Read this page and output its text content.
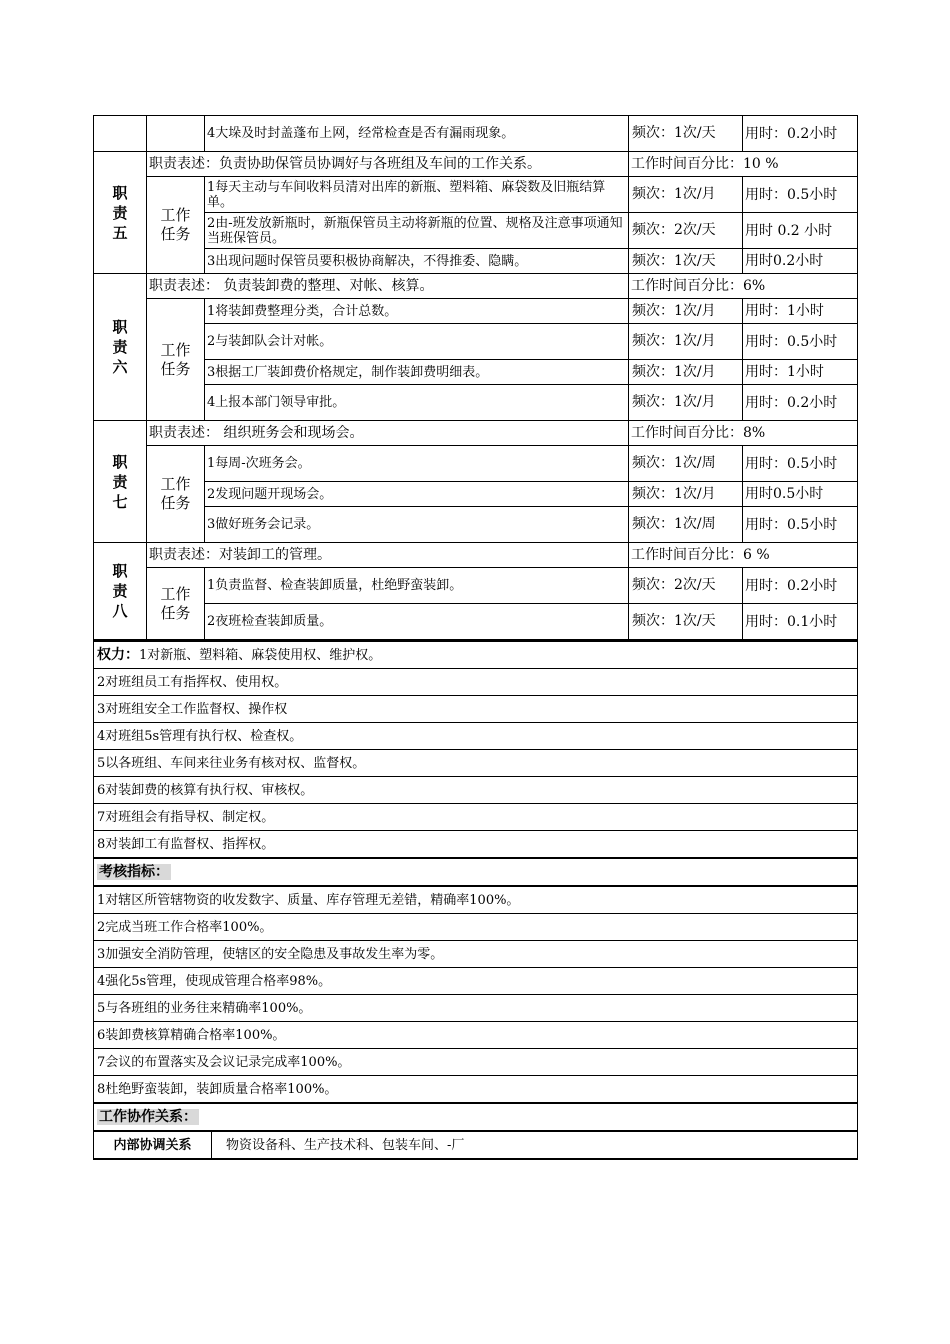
		4大垛及时封盖蓬布上网，经常检查是否有漏雨现象。	频次：1次/天	用时：0.2小时
职
责
五	职责表述：负责协助保管员协调好与各班组及车间的工作关系。		工作时间百分比：10 %	
	工作
任务	1每天主动与车间收料员清对出库的新瓶、塑料箱、麻袋数及旧瓶结算单。	频次：1次/月	用时：0.5小时
		2由-班发放新瓶时，新瓶保管员主动将新瓶的位置、规格及注意事项通知当班保管员。	频次：2次/天	用时 0.2 小时
		3出现问题时保管员要积极协商解决，不得推委、隐瞒。	频次：1次/天	用时0.2小时
职
责
六	职责表述： 负责装卸费的整理、对帐、核算。		工作时间百分比：6%	
	工作
任务	1将装卸费整理分类，合计总数。	频次：1次/月	用时：1小时
		2与装卸队会计对帐。	频次：1次/月	用时：0.5小时
		3根据工厂装卸费价格规定，制作装卸费明细表。	频次：1次/月	用时：1小时
		4上报本部门领导审批。	频次：1次/月	用时：0.2小时
职
责
七	职责表述： 组织班务会和现场会。		工作时间百分比：8%	
	工作
任务	1每周-次班务会。	频次：1次/周	用时：0.5小时
		2发现问题开现场会。	频次：1次/月	用时0.5小时
		3做好班务会记录。	频次：1次/周	用时：0.5小时
职
责
八	职责表述：对装卸工的管理。		工作时间百分比：6 %	
	工作
任务	1负责监督、检查装卸质量，杜绝野蛮装卸。	频次：2次/天	用时：0.2小时
		2夜班检查装卸质量。	频次：1次/天	用时：0.1小时
权力：1对新瓶、塑料箱、麻袋使用权、维护权。
2对班组员工有指挥权、使用权。
3对班组安全工作监督权、操作权
4对班组5s管理有执行权、检查权。
5以各班组、车间来往业务有核对权、监督权。
6对装卸费的核算有执行权、审核权。
7对班组会有指导权、制定权。
8对装卸工有监督权、指挥权。
考核指标：
1对辖区所管辖物资的收发数字、质量、库存管理无差错，精确率100%。
2完成当班工作合格率100%。
3加强安全消防管理，使辖区的安全隐患及事故发生率为零。
4强化5s管理，使现成管理合格率98%。
5与各班组的业务往来精确率100%。
6装卸费核算精确合格率100%。
7会议的布置落实及会议记录完成率100%。
8杜绝野蛮装卸，装卸质量合格率100%。
工作协作关系：
内部协调关系	物资设备科、生产技术科、包装车间、-厂
